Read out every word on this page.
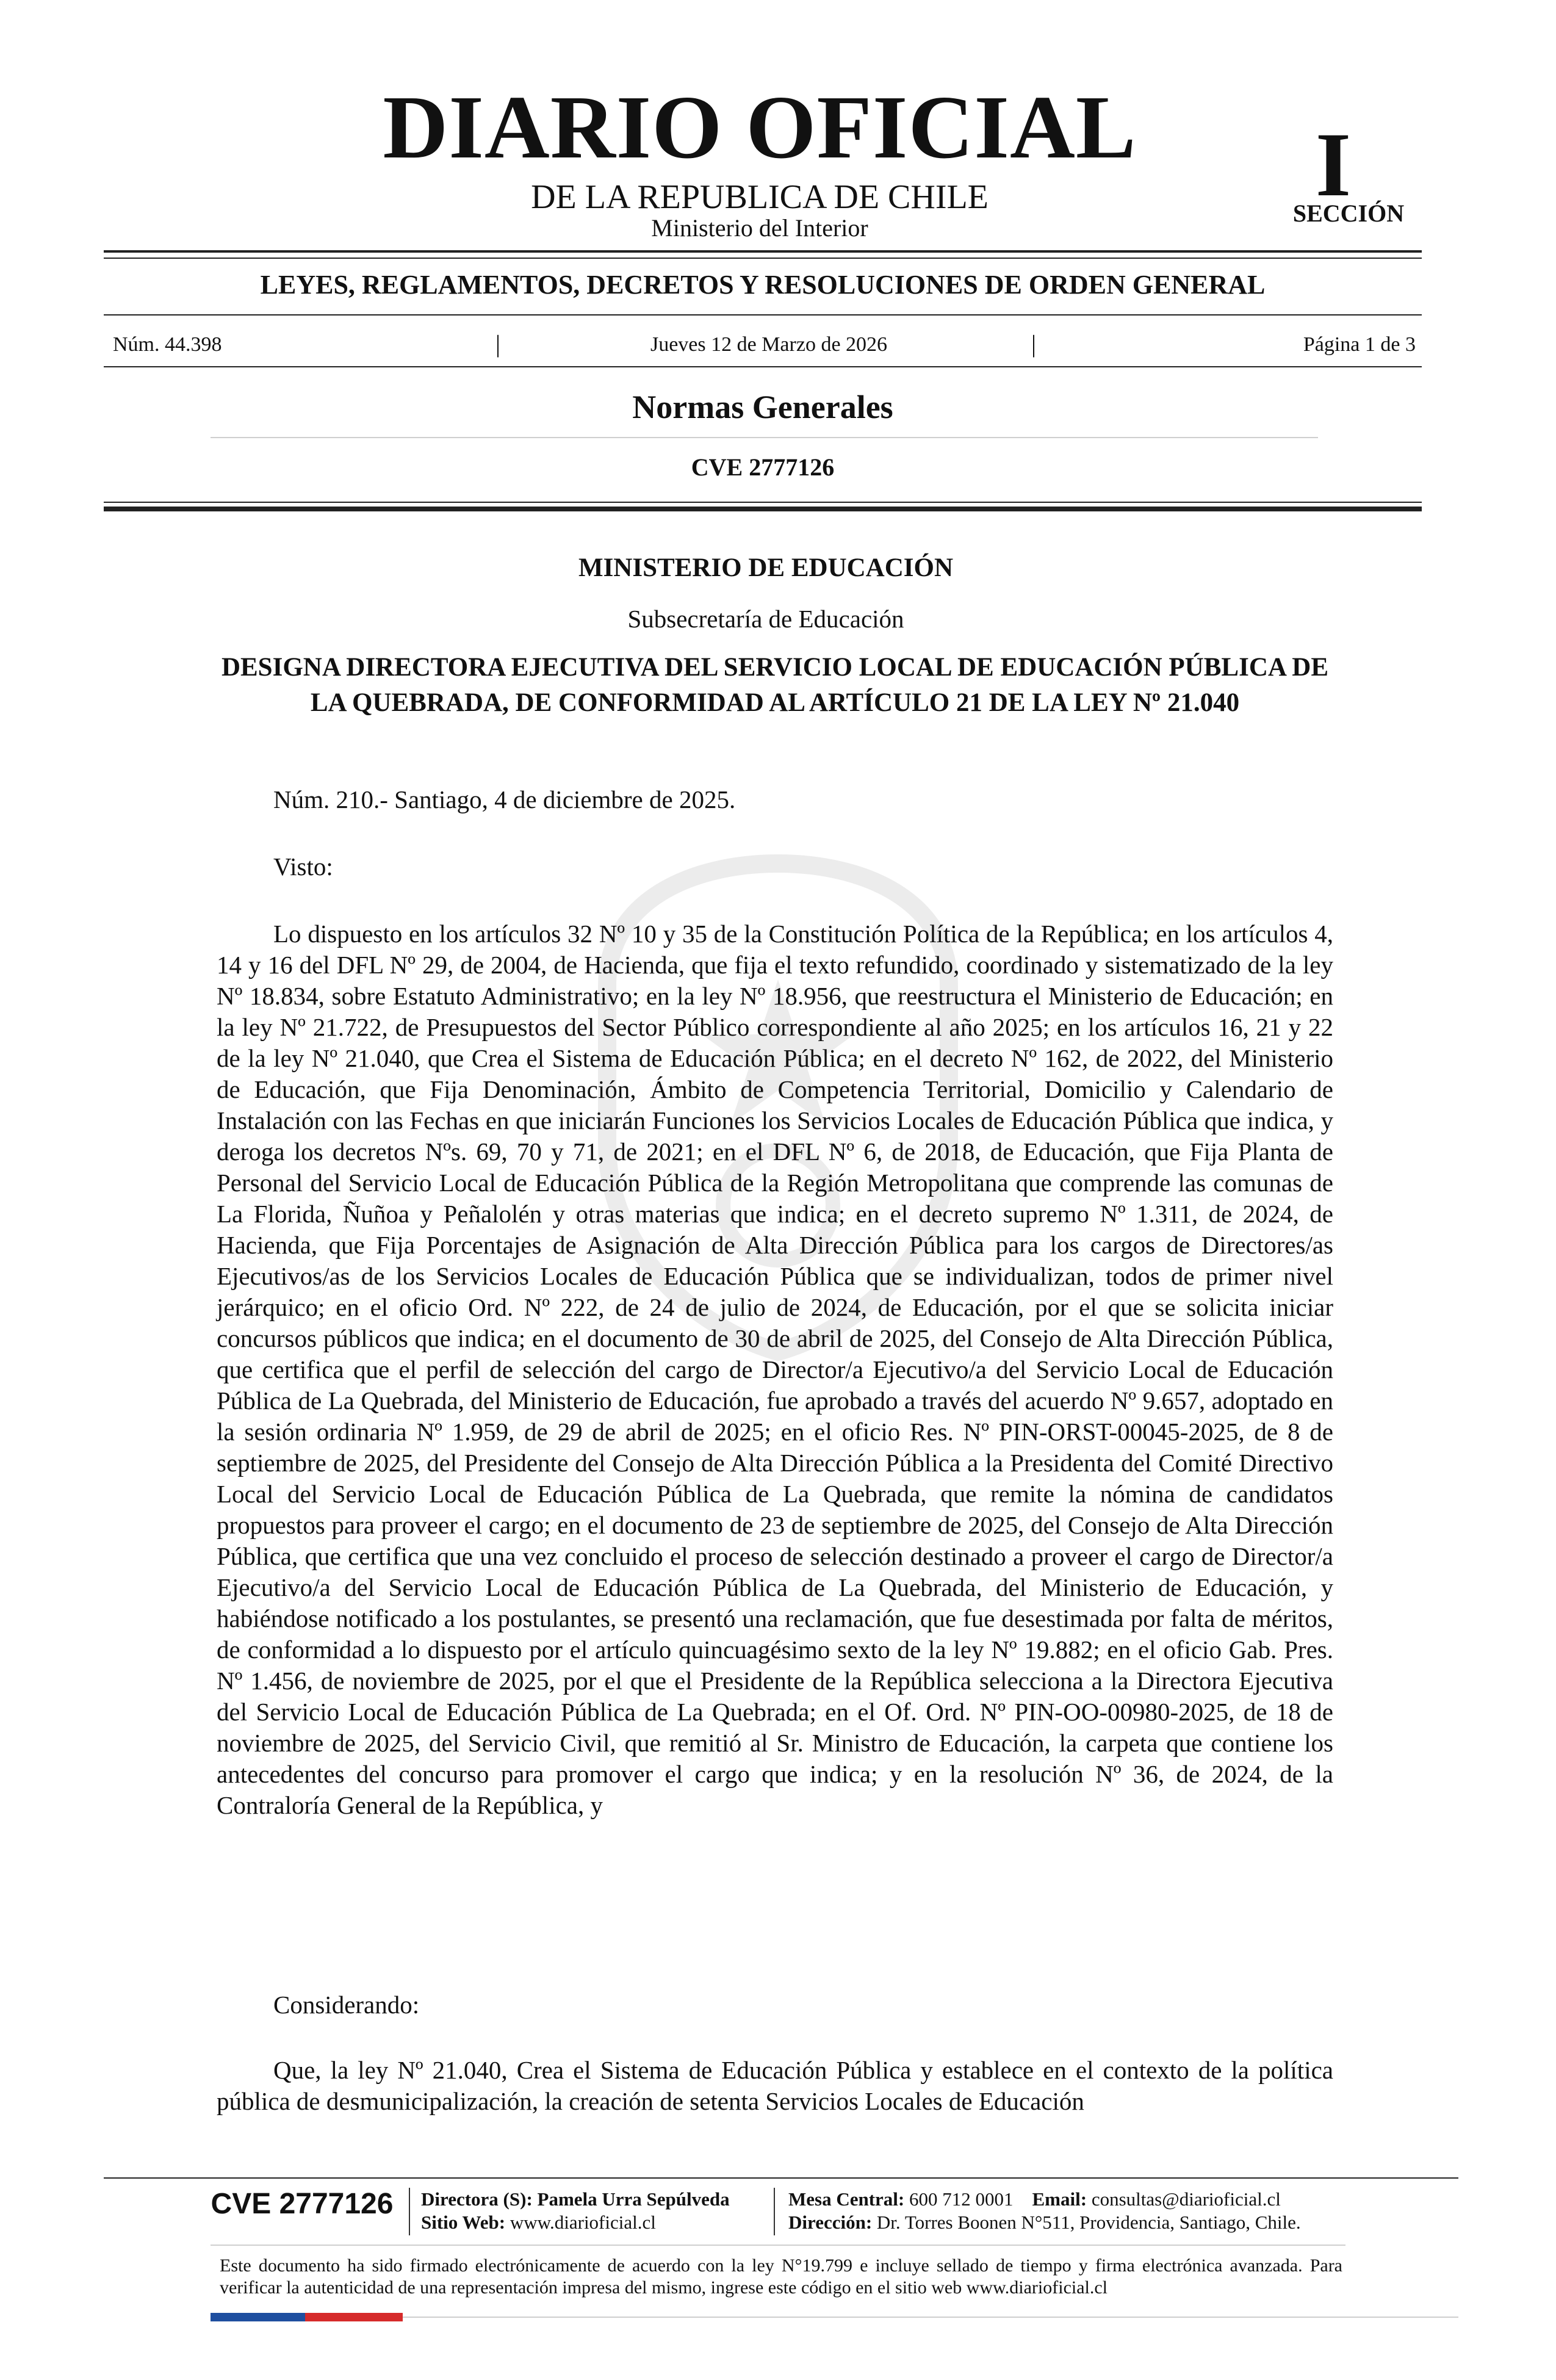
DIARIO OFICIAL
DE LA REPUBLICA DE CHILE
Ministerio del Interior
I
SECCIÓN
LEYES, REGLAMENTOS, DECRETOS Y RESOLUCIONES DE ORDEN GENERAL
Núm. 44.398	|	Jueves 12 de Marzo de 2026	|	Página 1 de 3
Normas Generales
CVE 2777126
MINISTERIO DE EDUCACIÓN
Subsecretaría de Educación
DESIGNA DIRECTORA EJECUTIVA DEL SERVICIO LOCAL DE EDUCACIÓN PÚBLICA DE LA QUEBRADA, DE CONFORMIDAD AL ARTÍCULO 21 DE LA LEY Nº 21.040
Núm. 210.- Santiago, 4 de diciembre de 2025.
Visto:
Lo dispuesto en los artículos 32 Nº 10 y 35 de la Constitución Política de la República; en los artículos 4, 14 y 16 del DFL Nº 29, de 2004, de Hacienda, que fija el texto refundido, coordinado y sistematizado de la ley Nº 18.834, sobre Estatuto Administrativo; en la ley Nº 18.956, que reestructura el Ministerio de Educación; en la ley Nº 21.722, de Presupuestos del Sector Público correspondiente al año 2025; en los artículos 16, 21 y 22 de la ley Nº 21.040, que Crea el Sistema de Educación Pública; en el decreto Nº 162, de 2022, del Ministerio de Educación, que Fija Denominación, Ámbito de Competencia Territorial, Domicilio y Calendario de Instalación con las Fechas en que iniciarán Funciones los Servicios Locales de Educación Pública que indica, y deroga los decretos Nºs. 69, 70 y 71, de 2021; en el DFL Nº 6, de 2018, de Educación, que Fija Planta de Personal del Servicio Local de Educación Pública de la Región Metropolitana que comprende las comunas de La Florida, Ñuñoa y Peñalolén y otras materias que indica; en el decreto supremo Nº 1.311, de 2024, de Hacienda, que Fija Porcentajes de Asignación de Alta Dirección Pública para los cargos de Directores/as Ejecutivos/as de los Servicios Locales de Educación Pública que se individualizan, todos de primer nivel jerárquico; en el oficio Ord. Nº 222, de 24 de julio de 2024, de Educación, por el que se solicita iniciar concursos públicos que indica; en el documento de 30 de abril de 2025, del Consejo de Alta Dirección Pública, que certifica que el perfil de selección del cargo de Director/a Ejecutivo/a del Servicio Local de Educación Pública de La Quebrada, del Ministerio de Educación, fue aprobado a través del acuerdo Nº 9.657, adoptado en la sesión ordinaria Nº 1.959, de 29 de abril de 2025; en el oficio Res. Nº PIN-ORST-00045-2025, de 8 de septiembre de 2025, del Presidente del Consejo de Alta Dirección Pública a la Presidenta del Comité Directivo Local del Servicio Local de Educación Pública de La Quebrada, que remite la nómina de candidatos propuestos para proveer el cargo; en el documento de 23 de septiembre de 2025, del Consejo de Alta Dirección Pública, que certifica que una vez concluido el proceso de selección destinado a proveer el cargo de Director/a Ejecutivo/a del Servicio Local de Educación Pública de La Quebrada, del Ministerio de Educación, y habiéndose notificado a los postulantes, se presentó una reclamación, que fue desestimada por falta de méritos, de conformidad a lo dispuesto por el artículo quincuagésimo sexto de la ley Nº 19.882; en el oficio Gab. Pres. Nº 1.456, de noviembre de 2025, por el que el Presidente de la República selecciona a la Directora Ejecutiva del Servicio Local de Educación Pública de La Quebrada; en el Of. Ord. Nº PIN-OO-00980-2025, de 18 de noviembre de 2025, del Servicio Civil, que remitió al Sr. Ministro de Educación, la carpeta que contiene los antecedentes del concurso para promover el cargo que indica; y en la resolución Nº 36, de 2024, de la Contraloría General de la República, y
Considerando:
Que, la ley Nº 21.040, Crea el Sistema de Educación Pública y establece en el contexto de la política pública de desmunicipalización, la creación de setenta Servicios Locales de Educación
CVE 2777126	Directora (S): Pamela Urra Sepúlveda
Sitio Web: www.diarioficial.cl
Mesa Central: 600 712 0001 Email: consultas@diarioficial.cl
Dirección: Dr. Torres Boonen N°511, Providencia, Santiago, Chile.
Este documento ha sido firmado electrónicamente de acuerdo con la ley N°19.799 e incluye sellado de tiempo y firma electrónica avanzada. Para verificar la autenticidad de una representación impresa del mismo, ingrese este código en el sitio web www.diarioficial.cl
